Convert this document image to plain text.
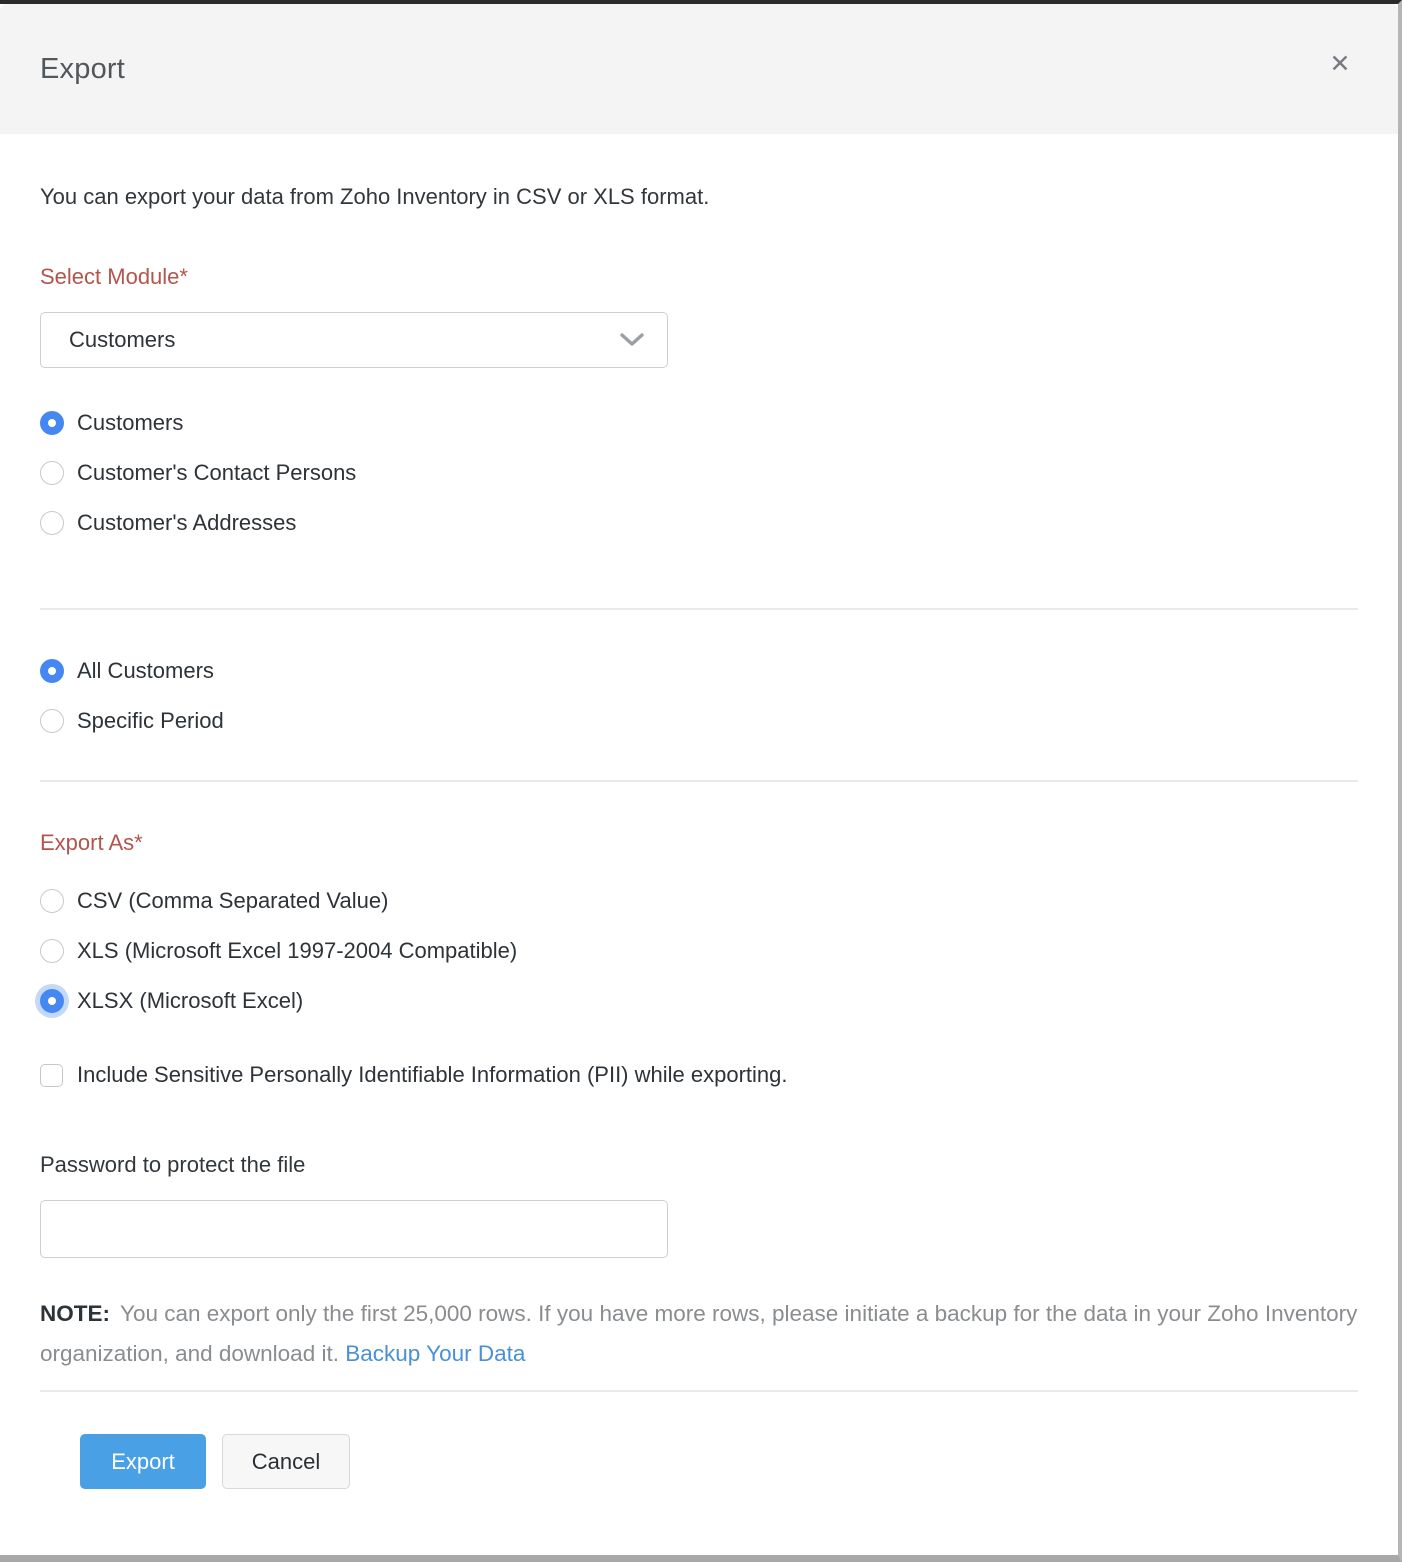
Export	✕
You can export your data from Zoho Inventory in CSV or XLS format.
Select Module*
Customers
Customers
Customer's Contact Persons
Customer's Addresses
All Customers
Specific Period
Export As*
CSV (Comma Separated Value)
XLS (Microsoft Excel 1997-2004 Compatible)
XLSX (Microsoft Excel)
Include Sensitive Personally Identifiable Information (PII) while exporting.
Password to protect the file
NOTE: You can export only the first 25,000 rows. If you have more rows, please initiate a backup for the data in your Zoho Inventory organization, and download it. Backup Your Data
Export	Cancel
